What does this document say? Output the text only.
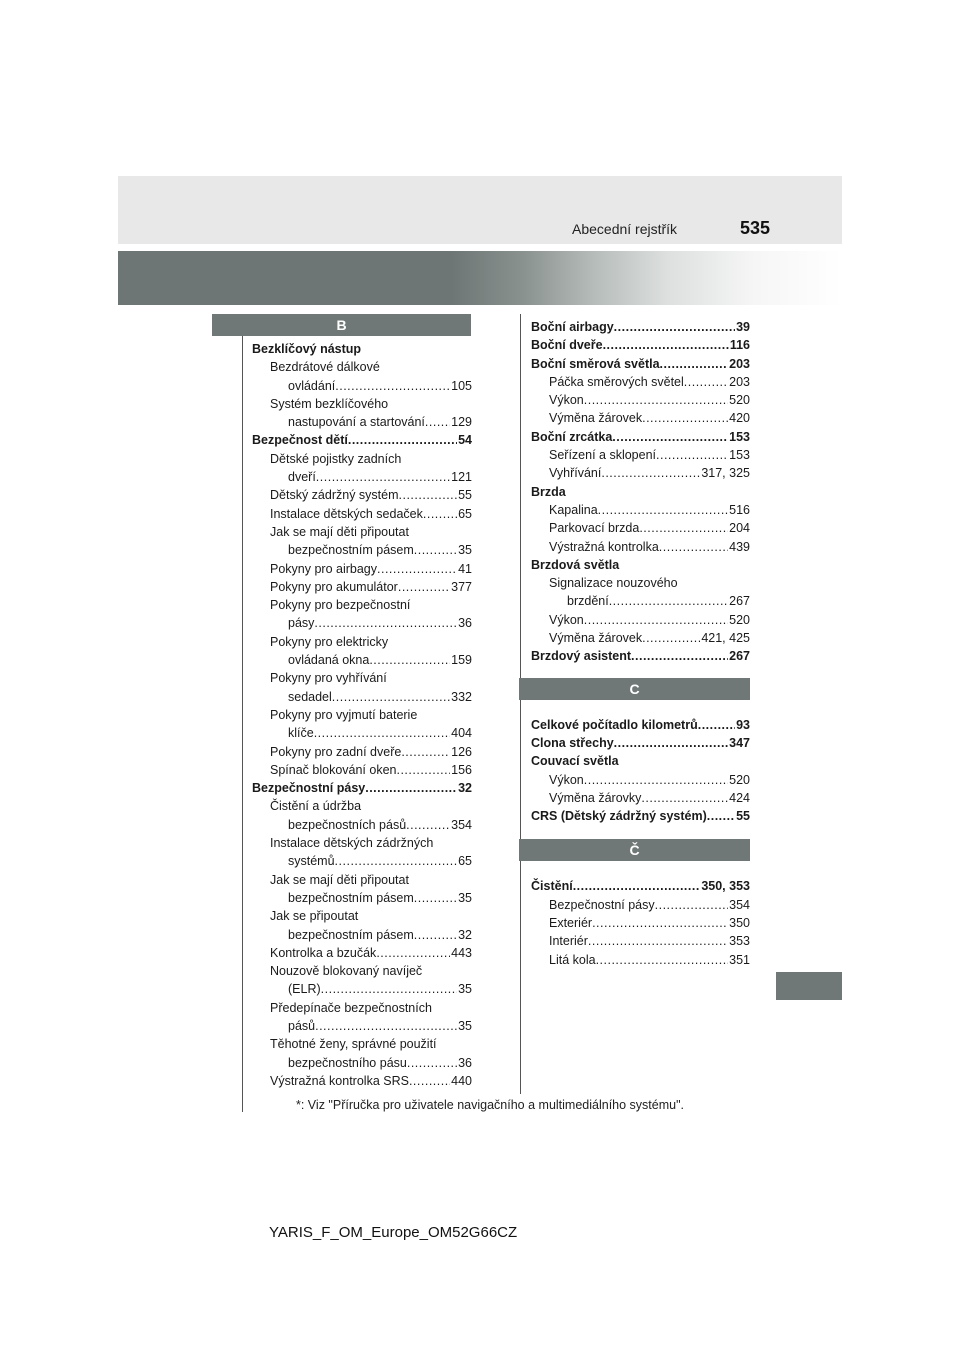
Abecední rejstřík	535
B
Bezklíčový nástup
Bezdrátové dálkové
ovládání .....	105
Systém bezklíčového
nastupování a startování ..... 129
Bezpečnost dětí .....	54
Dětské pojistky zadních
dveří .....	121
Dětský zádržný systém .....	55
Instalace dětských sedaček .....	65
Jak se mají děti připoutat
bezpečnostním pásem .....	35
Pokyny pro airbagy .....	41
Pokyny pro akumulátor .....	377
Pokyny pro bezpečnostní
pásy .....	36
Pokyny pro elektricky
ovládaná okna .....	159
Pokyny pro vyhřívání
sedadel .....	332
Pokyny pro vyjmutí baterie
klíče .....	404
Pokyny pro zadní dveře .....	126
Spínač blokování oken .....	156
Bezpečnostní pásy .....	32
Čistění a údržba
bezpečnostních pásů .....	354
Instalace dětských zádržných
systémů .....	65
Jak se mají děti připoutat
bezpečnostním pásem .....	35
Jak se připoutat
bezpečnostním pásem .....	32
Kontrolka a bzučák .....	443
Nouzově blokovaný navíječ
(ELR) .....	35
Předepínače bezpečnostních
pásů .....	35
Těhotné ženy, správné použití
bezpečnostního pásu .....	36
Výstražná kontrolka SRS .....	440
Boční airbagy .....	39
Boční dveře .....	116
Boční směrová světla .....	203
Páčka směrových světel .....	203
Výkon .....	520
Výměna žárovek .....	420
Boční zrcátka .....	153
Seřízení a sklopení .....	153
Vyhřívání .....	317, 325
Brzda
Kapalina .....	516
Parkovací brzda .....	204
Výstražná kontrolka .....	439
Brzdová světla
Signalizace nouzového
brzdění .....	267
Výkon .....	520
Výměna žárovek .....	421, 425
Brzdový asistent .....	267
C
Celkové počítadlo kilometrů .....	93
Clona střechy .....	347
Couvací světla
Výkon .....	520
Výměna žárovky .....	424
CRS (Dětský zádržný systém) ..... 55
Č
Čistění .....	350, 353
Bezpečnostní pásy .....	354
Exteriér .....	350
Interiér .....	353
Litá kola .....	351
*: Viz "Příručka pro uživatele navigačního a multimediálního systému".
YARIS_F_OM_Europe_OM52G66CZ
